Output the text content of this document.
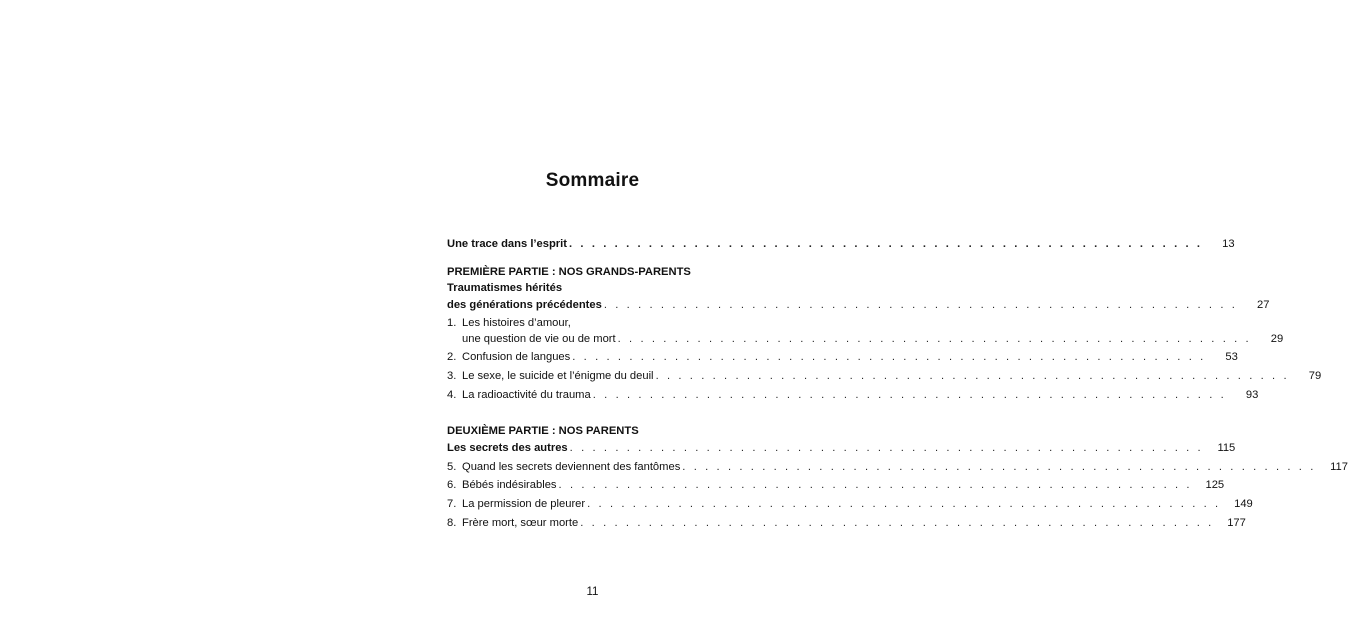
Sommaire
Une trace dans l’esprit . . . . . . . . . . . . . . . . . . . . . . . . . . . . . . . . . . . . . . . . . . . . . . . . . . . . . . . .	13
PREMIÈRE PARTIE : NOS GRANDS-PARENTS
Traumatismes hérités
des générations précédentes . . . . . . . . . . . . . . . . . . . . . . . . . . . . . . . . . . . . . . . . . . . . . . . . . . . . . . . .	27
1. Les histoires d’amour,
une question de vie ou de mort . . . . . . . . . . . . . . . . . . . . . . . . . . . . . . . . . . . . . . . . . . . . . . . . . . . . . . . .	29
2. Confusion de langues . . . . . . . . . . . . . . . . . . . . . . . . . . . . . . . . . . . . . . . . . . . . . . . . . . . . . . . .	53
3. Le sexe, le suicide et l’énigme du deuil . . . . . . . . . . . . . . . . . . . . . . . . . . . . . . . . . . . . . . . . . . . . . . . . . . . . . . . .	79
4. La radioactivité du trauma . . . . . . . . . . . . . . . . . . . . . . . . . . . . . . . . . . . . . . . . . . . . . . . . . . . . . . . .	93
DEUXIÈME PARTIE : NOS PARENTS
Les secrets des autres . . . . . . . . . . . . . . . . . . . . . . . . . . . . . . . . . . . . . . . . . . . . . . . . . . . . . . . .	115
5. Quand les secrets deviennent des fantômes . . . . . . . . . . . . . . . . . . . . . . . . . . . . . . . . . . . . . . . . . . . . . . . . . . . . . . . .	117
6. Bébés indésirables . . . . . . . . . . . . . . . . . . . . . . . . . . . . . . . . . . . . . . . . . . . . . . . . . . . . . . . .	125
7. La permission de pleurer . . . . . . . . . . . . . . . . . . . . . . . . . . . . . . . . . . . . . . . . . . . . . . . . . . . . . . . .	149
8. Frère mort, sœur morte . . . . . . . . . . . . . . . . . . . . . . . . . . . . . . . . . . . . . . . . . . . . . . . . . . . . . . . .	177
11
